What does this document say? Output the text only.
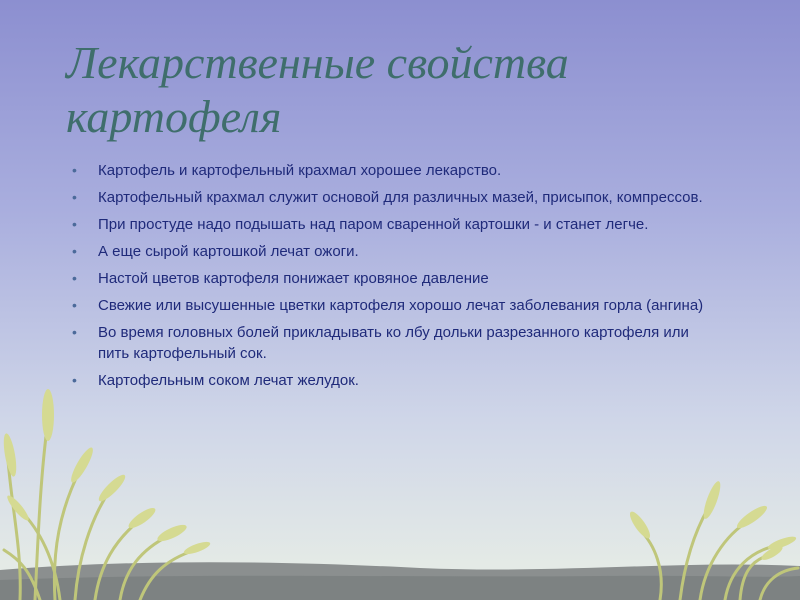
Лекарственные свойства картофеля
• Картофель и картофельный крахмал хорошее лекарство.
• Картофельный крахмал служит основой для различных мазей, присыпок, компрессов.
• При простуде надо подышать над паром сваренной картошки - и станет легче.
• А еще сырой картошкой лечат ожоги.
• Настой цветов картофеля понижает кровяное давление
• Свежие или высушенные цветки картофеля хорошо лечат заболевания горла (ангина)
• Во время головных болей прикладывать ко лбу дольки разрезанного картофеля или пить картофельный сок.
• Картофельным соком лечат желудок.
